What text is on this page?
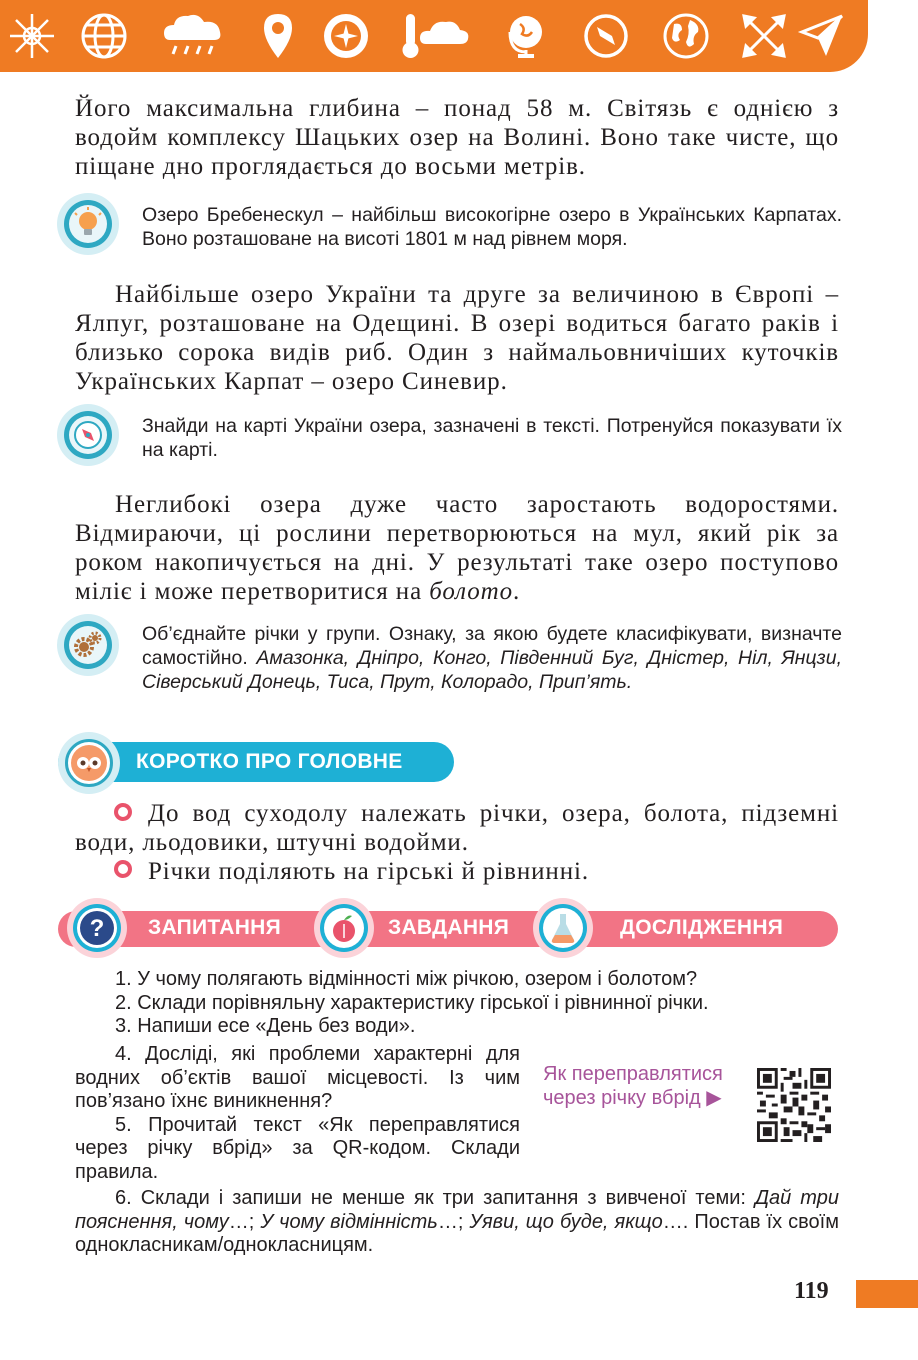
Його максимальна глибина – понад 58 м. Світязь є однією з водойм комплексу Шацьких озер на Волині. Воно таке чисте, що піщане дно проглядається до восьми метрів.

Озеро Бребенескул – найбільш високогірне озеро в Українських Карпатах. Воно розташоване на висоті 1801 м над рівнем моря.

Найбільше озеро України та друге за величиною в Європі – Ялпуг, розташоване на Одещині. В озері водиться багато раків і близько сорока видів риб. Один з наймальовничіших куточків Українських Карпат – озеро Синевир.

Знайди на карті України озера, зазначені в тексті. Потренуйся показувати їх на карті.

Неглибокі озера дуже часто заростають водоростями. Відмираючи, ці рослини перетворюються на мул, який рік за роком накопичується на дні. У результаті таке озеро поступово міліє і може перетворитися на болото.

Об’єднайте річки у групи. Ознаку, за якою будете класифікувати, визначте самостійно. Амазонка, Дніпро, Конго, Південний Буг, Дністер, Ніл, Янцзи, Сіверський Донець, Тиса, Прут, Колорадо, Прип’ять.

КОРОТКО ПРО ГОЛОВНЕ

До вод суходолу належать річки, озера, болота, підземні води, льодовики, штучні водойми.

Річки поділяють на гірські й рівнинні.

? ЗАПИТАННЯ	ЗАВДАННЯ	ДОСЛІДЖЕННЯ

1. У чому полягають відмінності між річкою, озером і болотом?

2. Склади порівняльну характеристику гірської і рівнинної річки.

3. Напиши есе «День без води».

4. Дослідi, які проблеми характерні для водних об’єктів вашої місцевості. Із чим пов’язано їхнє виникнення?

5. Прочитай текст «Як переправлятися через річку вбрід» за QR-кодом. Склади правила.

Як переправлятися через річку вбрід ▶

6. Склади і запиши не менше як три запитання з вивченої теми: Дай три пояснення, чому…; У чому відмінність…; Уяви, що буде, якщо…. Постав їх своїм однокласникам/однокласницям.

119
